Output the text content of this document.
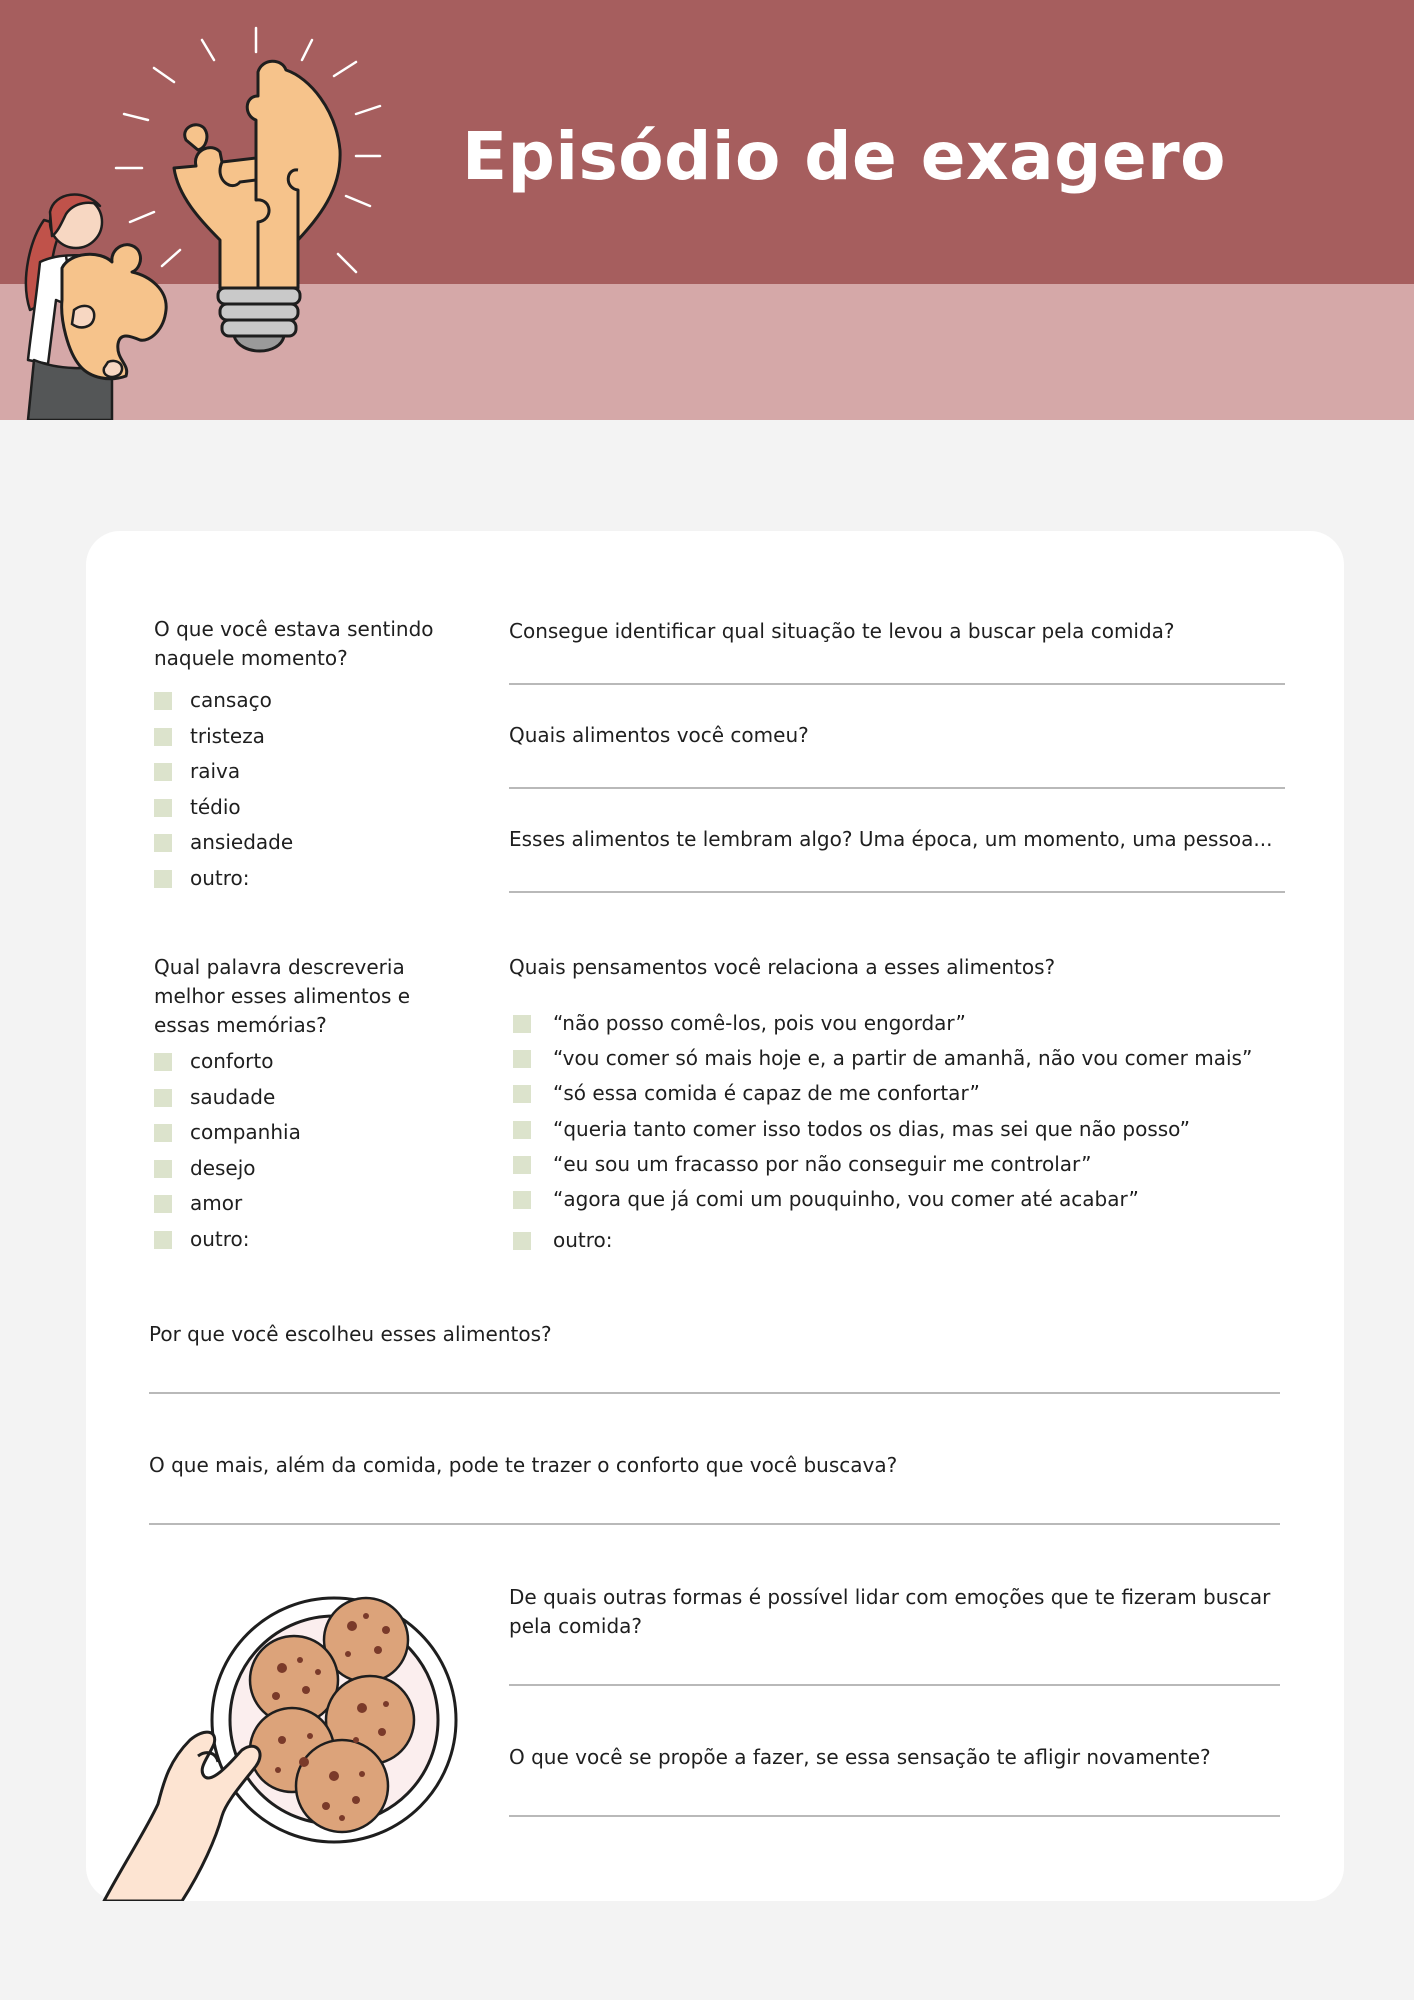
Episódio de exagero

O que você estava sentindo naquele momento?

cansaço
tristeza
raiva
tédio
ansiedade
outro:

Consegue identificar qual situação te levou a buscar pela comida?

Quais alimentos você comeu?

Esses alimentos te lembram algo? Uma época, um momento, uma pessoa...

Qual palavra descreveria melhor esses alimentos e essas memórias?

conforto
saudade
companhia
desejo
amor
outro:

Quais pensamentos você relaciona a esses alimentos?

“não posso comê-los, pois vou engordar”
“vou comer só mais hoje e, a partir de amanhã, não vou comer mais”
“só essa comida é capaz de me confortar”
“queria tanto comer isso todos os dias, mas sei que não posso”
“eu sou um fracasso por não conseguir me controlar”
“agora que já comi um pouquinho, vou comer até acabar”
outro:

Por que você escolheu esses alimentos?

O que mais, além da comida, pode te trazer o conforto que você buscava?

De quais outras formas é possível lidar com emoções que te fizeram buscar pela comida?

O que você se propõe a fazer, se essa sensação te afligir novamente?
